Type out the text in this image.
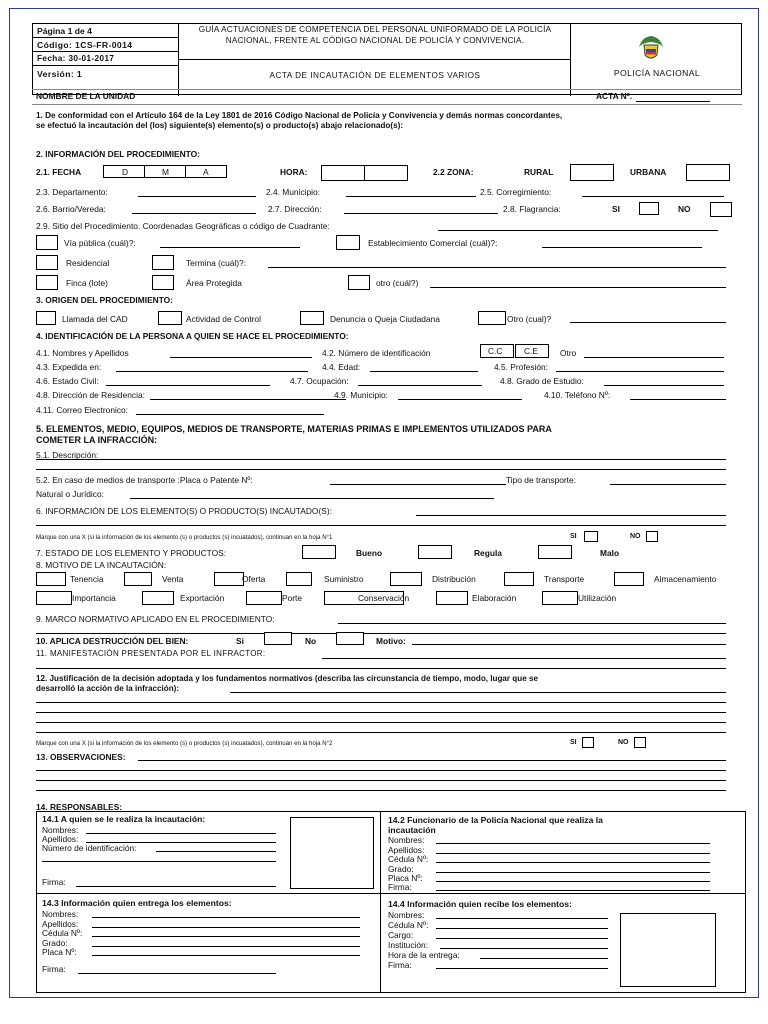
Página 1 de 4
Código: 1CS-FR-0014
Fecha: 30-01-2017
Versión: 1
GUÍA ACTUACIONES DE COMPETENCIA DEL PERSONAL UNIFORMADO DE LA POLICÍA NACIONAL, FRENTE AL CÓDIGO NACIONAL DE POLICÍA Y CONVIVENCIA.
ACTA DE INCAUTACIÓN DE ELEMENTOS VARIOS	POLICÍA NACIONAL
NOMBRE DE LA UNIDAD	ACTA Nº.
1. De conformidad con el Artículo 164 de la Ley 1801 de 2016 Código Nacional de Policía y Convivencia y demás normas concordantes,
se efectuó la incautación del (los) siguiente(s) elemento(s) o producto(s) abajo relacionado(s):
2. INFORMACIÓN DEL PROCEDIMIENTO:
2.1. FECHA	D	M	A	HORA:	2.2 ZONA:	RURAL	URBANA
2.3. Departamento:	2.4. Municipio:	2.5. Corregimiento:
2.6. Barrio/Vereda:	2.7. Dirección:	2.8. Flagrancia:	SI	NO
2.9. Sitio del Procedimiento. Coordenadas Geográficas o código de Cuadrante:
Vía pública (cuál)?:	Establecimiento Comercial (cuál)?:
Residencial	Termina (cuál)?:
Finca (lote)	Área Protegida	otro (cuál?)
3. ORIGEN DEL PROCEDIMIENTO:
Llamada del CAD	Actividad de Control	Denuncia o Queja Ciudadana	Otro (cual)?
4. IDENTIFICACIÓN DE LA PERSONA A QUIEN SE HACE EL PROCEDIMIENTO:
4.1. Nombres y Apellidos	4.2. Número de identificación	C.C	C.E	Otro
4.3. Expedida en:	4.4. Edad:	4.5. Profesión:
4.6. Estado Civil:	4.7. Ocupación:	4.8. Grado de Estudio:
4.8. Dirección de Residencia:	4.9. Municipio:	4.10. Teléfono Nº:
4.11. Correo Electronico:
5. ELEMENTOS, MEDIO, EQUIPOS, MEDIOS DE TRANSPORTE, MATERIAS PRIMAS E IMPLEMENTOS UTILIZADOS PARA
COMETER LA INFRACCIÓN:
5.1. Descripción:
5.2. En caso de medios de transporte :Placa o Patente Nº:	Tipo de transporte:
Natural o Jurídico:
6. INFORMACIÓN DE LOS ELEMENTO(S) O PRODUCTO(S) INCAUTADO(S):
Marque con una X (si la información de los elemento (s) o productos (s) incuatados), continuan en la hoja N°1	SI	NO
7. ESTADO DE LOS ELEMENTO Y PRODUCTOS:	Bueno	Regula	Malo
8. MOTIVO DE LA INCAUTACIÓN:
9. MARCO NORMATIVO APLICADO EN EL PROCEDIMIENTO:
10. APLICA DESTRUCCIÓN DEL BIEN:	Si	No	Motivo:
11. MANIFESTACIÓN PRESENTADA POR EL INFRACTOR:
12. Justificación de la decisión adoptada y los fundamentos normativos (describa las circunstancia de tiempo, modo, lugar que se
desarrolló la acción de la infracción):
Marque con una X (si la información de los elemento (s) o productos (s) incuatados), continuan en la hoja N°2	SI	NO
13. OBSERVACIONES:
14. RESPONSABLES:
14.1 A quien se le realiza la incautación:
Nombres:
Apellidos:
Número de identificación:
Firma:
14.2 Funcionario de la Policía Nacional que realiza la
incautación
Nombres:
Apellidos:
Cédula Nº:
Grado:
Placa Nº:
Firma:
14.3 Información quien entrega los elementos:
Nombres:
Apellidos:
Cédula Nº:
Grado:
Placa Nº:
Firma:
14.4 Información quien recibe los elementos:
Nombres:
Cédula Nº:
Cargo:
Institución:
Hora de la entrega:
Firma:
Tenencia	Venta	Oferta	Suministro	Distribución	Transporte	Almacenamiento
Importancia	Exportación	Porte	Conservación	Elaboración	Utilización
